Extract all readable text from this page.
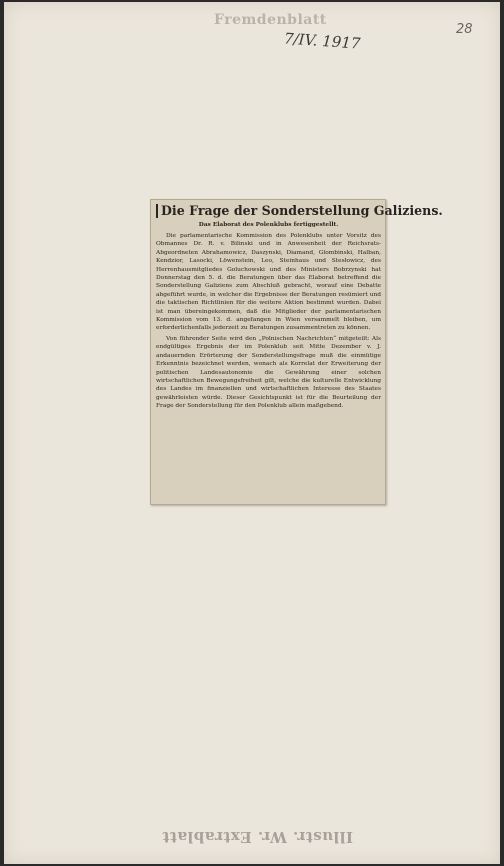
Fremdenblatt
7/IV. 1917	28
Die Frage der Sonderstellung Galiziens.
Das Elaborat des Polenklubs fertiggestellt.

Die parlamentarische Kommission des Polenklubs unter Vorsitz des Obmannes Dr. R. v. Bilinski und in Anwesenheit der Reichsrats-Abgeordneten Abrahamowicz, Daszynski, Diamand, Glombinski, Halban, Kendzior, Lasocki, Löwenstein, Leo, Steinhaus und Stesłowicz, des Herrenhausmitgliedes Goluchowski und des Ministers Bobrzynski hat Donnerstag den 5. d. die Beratungen über das Elaborat betreffend die Sonderstellung Galiziens zum Abschluß gebracht, worauf eine Debatte abgeführt wurde, in welcher die Ergebnisse der Beratungen resümiert und die taktischen Richtlinien für die weitere Aktion bestimmt wurden. Dabei ist man übereingekommen, daß die Mitglieder der parlamentarischen Kommission vom 13. d. angefangen in Wien versammelt bleiben, um erforderlichenfalls jederzeit zu Beratungen zusammentreten zu können.

Von führender Seite wird den „Polnischen Nachrichten“ mitgeteilt: Als endgültiges Ergebnis der im Polenklub seit Mitte Dezember v. J. andauernden Erörterung der Sonderstellungsfrage muß die einmütige Erkenntnis bezeichnet werden, wonach als Korrelat der Erweiterung der politischen Landesautonomie die Gewährung einer solchen wirtschaftlichen Bewegungsfreiheit gilt, welche die kulturelle Entwicklung des Landes im finanziellen und wirtschaftlichen Interesse des Staates gewährleisten würde. Dieser Gesichtspunkt ist für die Beurteilung der Frage der Sonderstellung für den Polenklub allein maßgebend.

Illustr. Wr. Extrablatt
